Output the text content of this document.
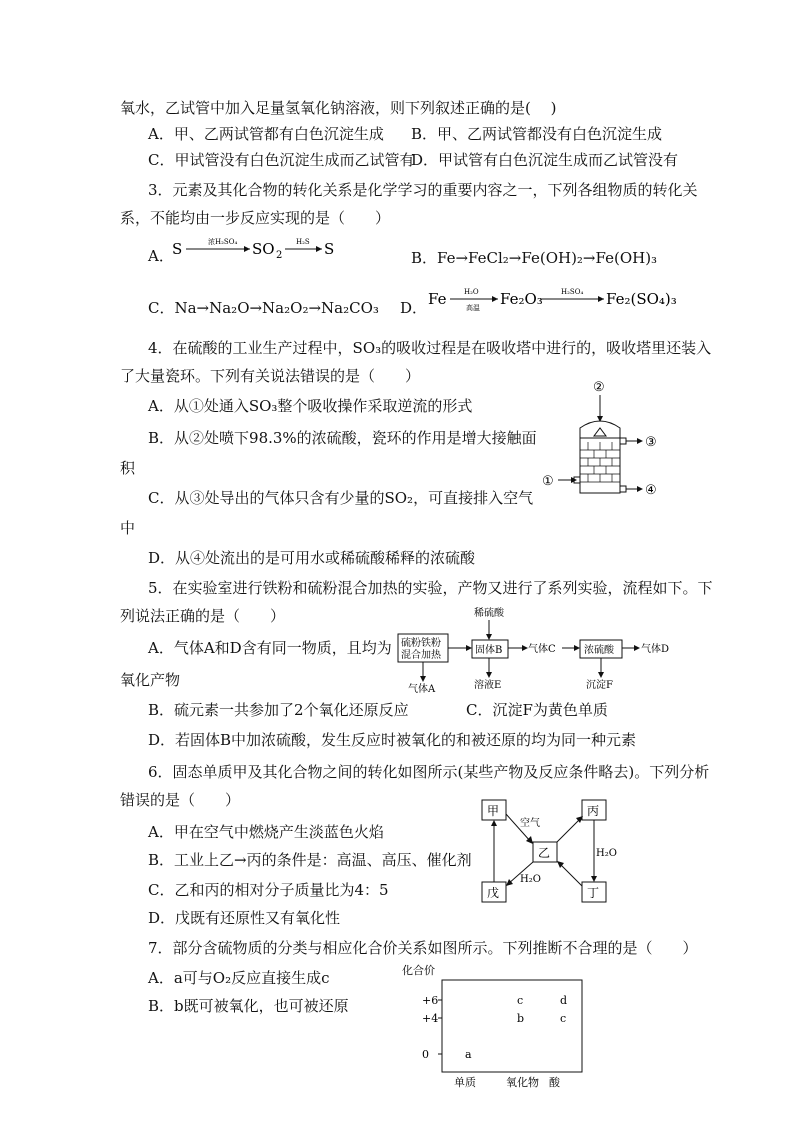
氧水，乙试管中加入足量氢氧化钠溶液，则下列叙述正确的是(　 )
A．甲、乙两试管都有白色沉淀生成 B．甲、乙两试管都没有白色沉淀生成
C．甲试管没有白色沉淀生成而乙试管有
D．甲试管有白色沉淀生成而乙试管没有
3．元素及其化合物的转化关系是化学学习的重要内容之一，下列各组物质的转化关
系，不能均由一步反应实现的是（　　）
A．
S	浓H₂SO₄ SO 2
H₂S S	B．Fe→FeCl₂→Fe(OH)₂→Fe(OH)₃
C．Na→Na₂O→Na₂O₂→Na₂CO₃ D． Fe	H₂O
高温 Fe₂O₃	H₂SO₄ Fe₂(SO₄)₃
4．在硫酸的工业生产过程中，SO₃的吸收过程是在吸收塔中进行的，吸收塔里还装入
了大量瓷环。下列有关说法错误的是（　　）
A．从①处通入SO₃整个吸收操作采取逆流的形式
B．从②处喷下98.3%的浓硫酸，瓷环的作用是增大接触面
积
C．从③处导出的气体只含有少量的SO₂，可直接排入空气
中
D．从④处流出的是可用水或稀硫酸稀释的浓硫酸
②
③
①
④
5．在实验室进行铁粉和硫粉混合加热的实验，产物又进行了系列实验，流程如下。下
列说法正确的是（　　）
A．气体A和D含有同一物质，且均为
氧化产物
B．硫元素一共参加了2个氧化还原反应	C．沉淀F为黄色单质
D．若固体B中加浓硫酸，发生反应时被氧化的和被还原的均为同一种元素
稀硫酸
硫粉铁粉
混合加热
气体A
固体B
溶液E
气体C	浓硫酸
沉淀F
气体D
6．固态单质甲及其化合物之间的转化如图所示(某些产物及反应条件略去)。下列分析
错误的是（　　）
A．甲在空气中燃烧产生淡蓝色火焰
B．工业上乙→丙的条件是：高温、高压、催化剂
C．乙和丙的相对分子质量比为4：5
D．戊既有还原性又有氧化性
甲	丙
乙
戊	丁
空气
H₂O
H₂O
7．部分含硫物质的分类与相应化合价关系如图所示。下列推断不合理的是（　　）
A．a可与O₂反应直接生成c
B．b既可被氧化，也可被还原
化合价
+6
+4
0
单质	氧化物 酸
a
b
c
c
d
